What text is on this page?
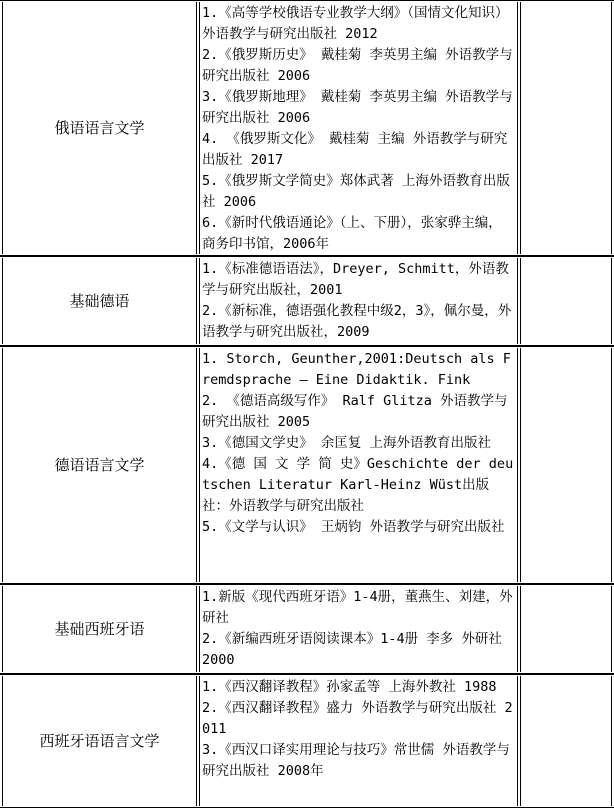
俄语语言文学
1.《高等学校俄语专业教学大纲》（国情文化知识） 外语教学与研究出版社 2012
2.《俄罗斯历史》 戴桂菊 李英男主编 外语教学与研究出版社 2006
3.《俄罗斯地理》 戴桂菊 李英男主编 外语教学与研究出版社 2006
4. 《俄罗斯文化》 戴桂菊 主编 外语教学与研究出版社 2017
5.《俄罗斯文学简史》郑体武著 上海外语教育出版社 2006
6.《新时代俄语通论》（上、下册），张家骅主编，商务印书馆，2006年
基础德语
1.《标准德语语法》，Dreyer, Schmitt，外语教学与研究出版社，2001
2.《新标准，德语强化教程中级2，3》，佩尔曼，外语教学与研究出版社，2009
德语语言文学
1. Storch, Geunther,2001:Deutsch als Fremdsprache – Eine Didaktik. Fink
2. 《德语高级写作》 Ralf Glitza 外语教学与研究出版社 2005
3.《德国文学史》 余匡复 上海外语教育出版社
4.《德 国 文 学 简 史》Geschichte der deutschen Literatur Karl-Heinz Wüst出版社：外语教学与研究出版社
5.《文学与认识》 王炳钧 外语教学与研究出版社
基础西班牙语
1.新版《现代西班牙语》1-4册，董燕生、刘建，外研社
2.《新编西班牙语阅读课本》1-4册 李多 外研社 2000
西班牙语语言文学
1.《西汉翻译教程》孙家孟等 上海外教社 1988
2.《西汉翻译教程》盛力 外语教学与研究出版社 2011
3.《西汉口译实用理论与技巧》常世儒 外语教学与研究出版社 2008年
